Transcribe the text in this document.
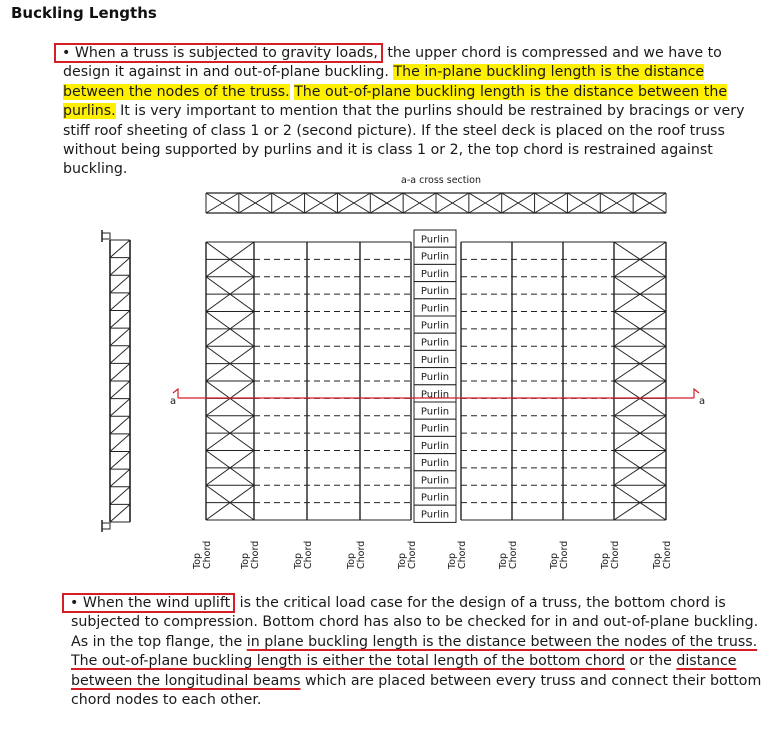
Buckling Lengths
• When a truss is subjected to gravity loads, the upper chord is compressed and we have to design it against in and out-of-plane buckling. The in-plane buckling length is the distance between the nodes of the truss. The out-of-plane buckling length is the distance between the purlins. It is very important to mention that the purlins should be restrained by bracings or very stiff roof sheeting of class 1 or 2 (second picture). If the steel deck is placed on the roof truss without being supported by purlins and it is class 1 or 2, the top chord is restrained against buckling.
a-a cross section
Purlin
Purlin
Purlin
Purlin
Purlin
Purlin
Purlin
Purlin
Purlin
Purlin
Purlin
Purlin
Purlin
Purlin
Purlin
Purlin
Purlin
Top Chord	Top Chord	Top Chord	Top Chord	Top Chord	Top Chord	Top Chord	Top Chord	Top Chord	Top Chord
a	a
• When the wind uplift is the critical load case for the design of a truss, the bottom chord is subjected to compression. Bottom chord has also to be checked for in and out-of-plane buckling. As in the top flange, the in plane buckling length is the distance between the nodes of the truss. The out-of-plane buckling length is either the total length of the bottom chord or the distance between the longitudinal beams which are placed between every truss and connect their bottom chord nodes to each other.
